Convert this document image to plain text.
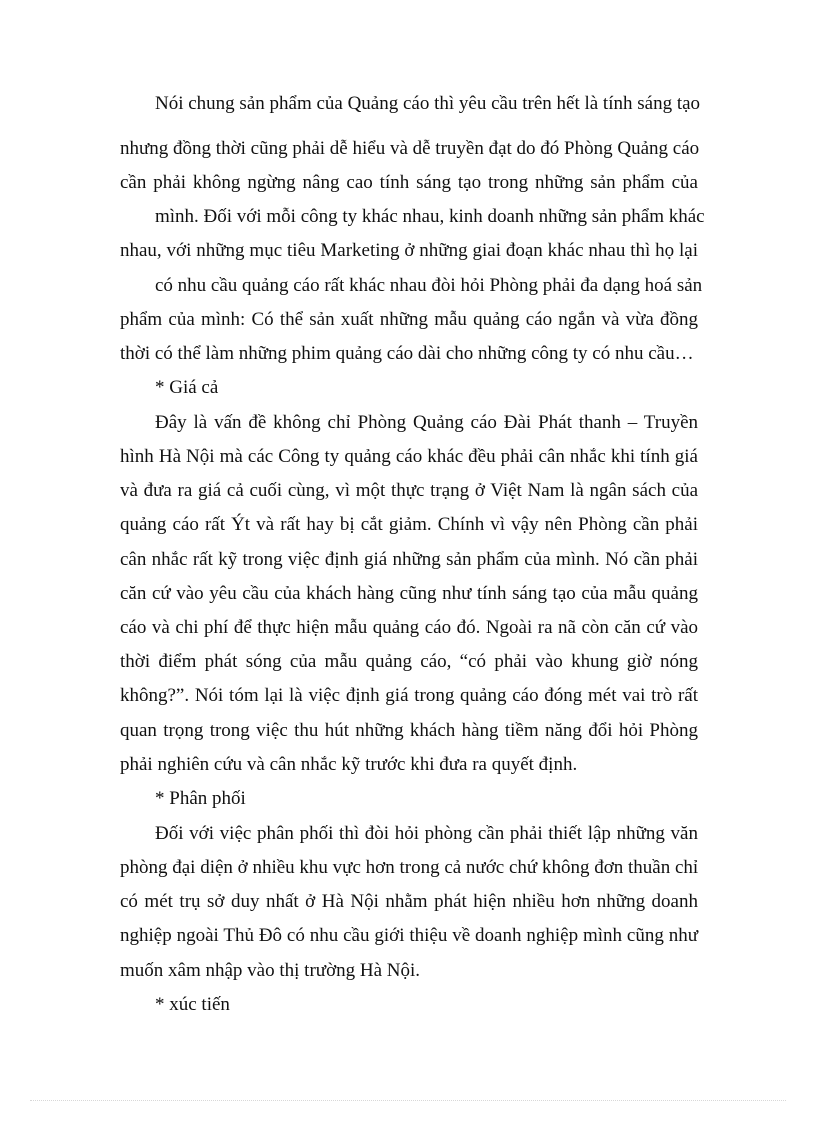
Nói chung sản phẩm của Quảng cáo thì yêu cầu trên hết là tính sáng tạo
nhưng đồng thời cũng phải dễ hiểu và dễ truyền đạt do đó Phòng Quảng cáo
cần phải không ngừng nâng cao tính sáng tạo trong những sản phẩm của
mình. Đối với mỗi công ty khác nhau, kinh doanh những sản phẩm khác
nhau, với những mục tiêu Marketing ở những giai đoạn khác nhau thì họ lại
có nhu cầu quảng cáo rất khác nhau đòi hỏi Phòng phải đa dạng hoá sản
phẩm của mình: Có thể sản xuất những mẫu quảng cáo ngắn và vừa đồng
thời có thể làm những phim quảng cáo dài cho những công ty có nhu cầu…
* Giá cả
Đây là vấn đề không chỉ Phòng Quảng cáo Đài Phát thanh – Truyền
hình Hà Nội mà các Công ty quảng cáo khác đều phải cân nhắc khi tính giá
và đưa ra giá cả cuối cùng, vì một thực trạng ở Việt Nam là ngân sách của
quảng cáo rất Ýt và rất hay bị cắt giảm. Chính vì vậy nên Phòng cần phải
cân nhắc rất kỹ trong việc định giá những sản phẩm của mình. Nó cần phải
căn cứ vào yêu cầu của khách hàng cũng như tính sáng tạo của mẫu quảng
cáo và chi phí để thực hiện mẫu quảng cáo đó. Ngoài ra nã còn căn cứ vào
thời điểm phát sóng của mẫu quảng cáo, “có phải vào khung giờ nóng
không?”. Nói tóm lại là việc định giá trong quảng cáo đóng mét vai trò rất
quan trọng trong việc thu hút những khách hàng tiềm năng đổi hỏi Phòng
phải nghiên cứu và cân nhắc kỹ trước khi đưa ra quyết định.
* Phân phối
Đối với việc phân phối thì đòi hỏi phòng cần phải thiết lập những văn
phòng đại diện ở nhiều khu vực hơn trong cả nước chứ không đơn thuần chỉ
có mét trụ sở duy nhất ở Hà Nội nhằm phát hiện nhiều hơn những doanh
nghiệp ngoài Thủ Đô có nhu cầu giới thiệu về doanh nghiệp mình cũng như
muốn xâm nhập vào thị trường Hà Nội.
* xúc tiến
